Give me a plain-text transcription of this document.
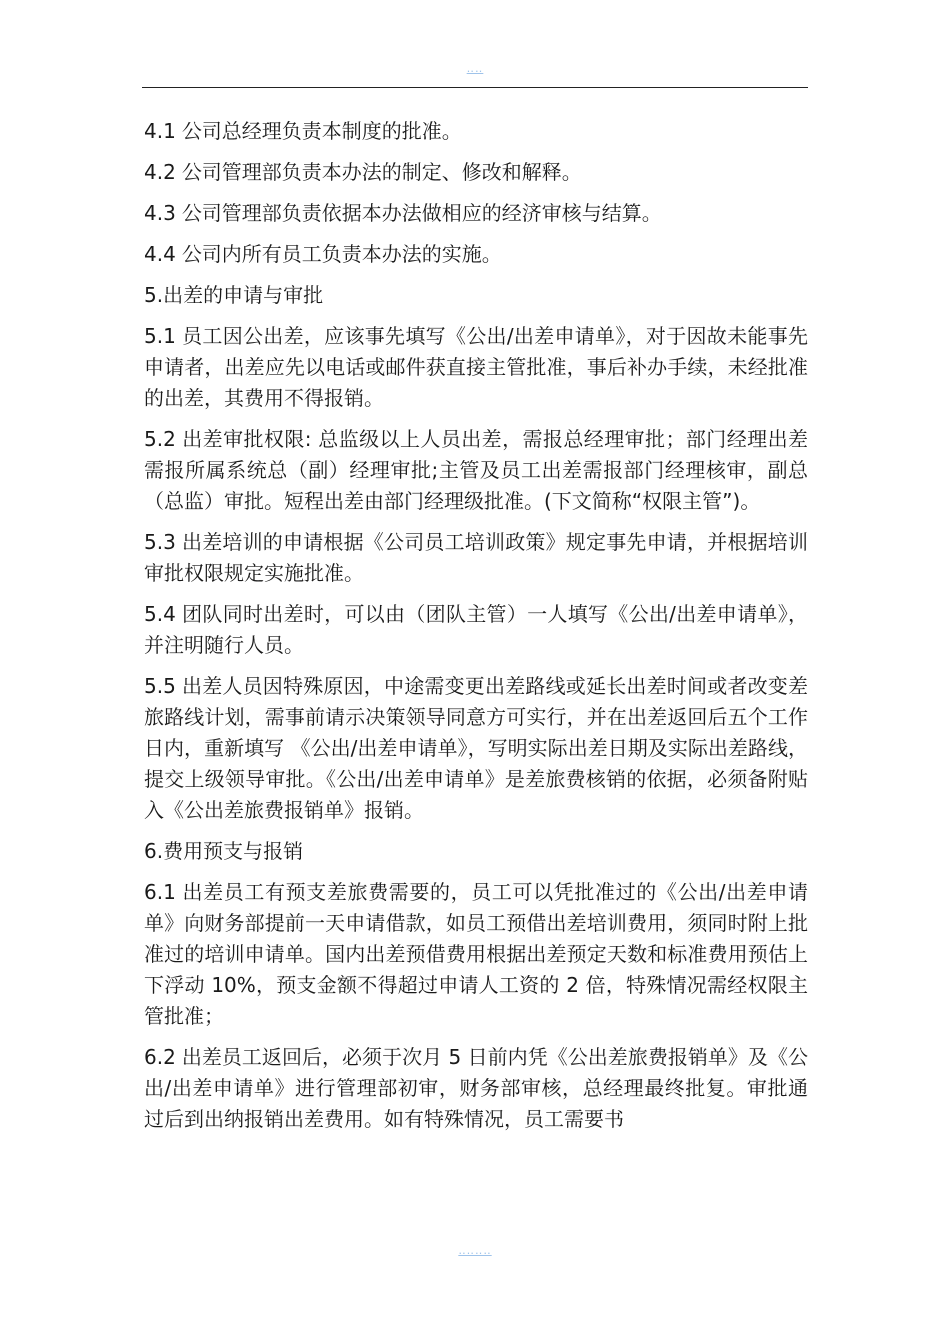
‥‥

4.1 公司总经理负责本制度的批准。

4.2 公司管理部负责本办法的制定、修改和解释。

4.3 公司管理部负责依据本办法做相应的经济审核与结算。

4.4 公司内所有员工负责本办法的实施。

5.出差的申请与审批

5.1 员工因公出差，应该事先填写《公出/出差申请单》，对于因故未能事先申请者，出差应先以电话或邮件获直接主管批准，事后补办手续，未经批准的出差，其费用不得报销。

5.2 出差审批权限: 总监级以上人员出差，需报总经理审批；部门经理出差需报所属系统总（副）经理审批;主管及员工出差需报部门经理核审，副总（总监）审批。短程出差由部门经理级批准。(下文简称“权限主管”)。

5.3 出差培训的申请根据《公司员工培训政策》规定事先申请，并根据培训审批权限规定实施批准。

5.4 团队同时出差时，可以由（团队主管）一人填写《公出/出差申请单》，并注明随行人员。

5.5 出差人员因特殊原因，中途需变更出差路线或延长出差时间或者改变差旅路线计划，需事前请示决策领导同意方可实行，并在出差返回后五个工作日内，重新填写 《公出/出差申请单》，写明实际出差日期及实际出差路线，提交上级领导审批。《公出/出差申请单》是差旅费核销的依据，必须备附贴入《公出差旅费报销单》报销。

6.费用预支与报销

6.1 出差员工有预支差旅费需要的，员工可以凭批准过的《公出/出差申请单》向财务部提前一天申请借款，如员工预借出差培训费用，须同时附上批准过的培训申请单。国内出差预借费用根据出差预定天数和标准费用预估上下浮动 10%，预支金额不得超过申请人工资的 2 倍，特殊情况需经权限主管批准；

6.2 出差员工返回后，必须于次月 5 日前内凭《公出差旅费报销单》及《公出/出差申请单》进行管理部初审，财务部审核，总经理最终批复。审批通过后到出纳报销出差费用。如有特殊情况，员工需要书

‥‥‥‥
